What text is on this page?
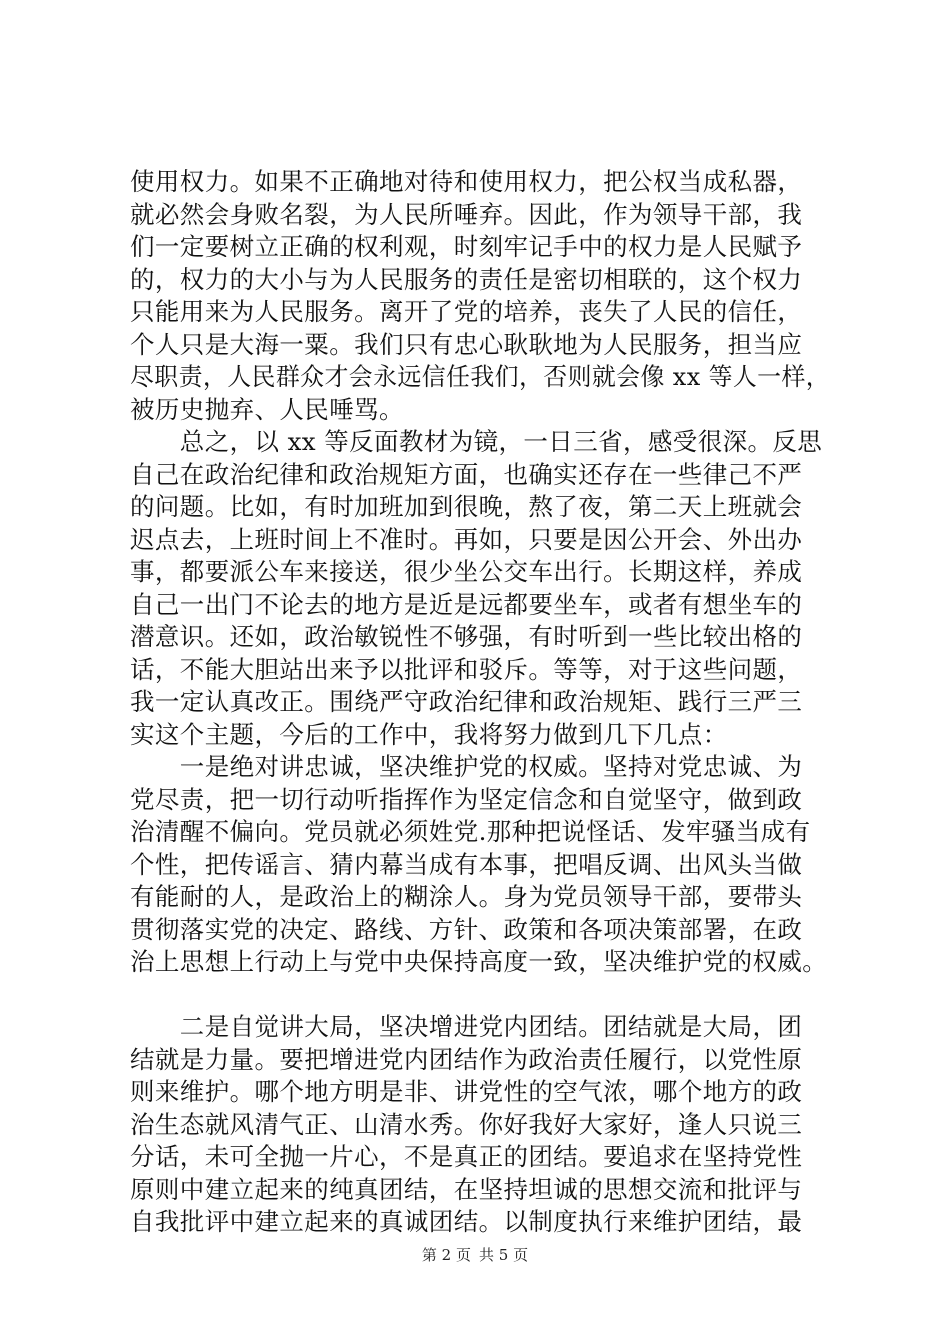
使用权力。如果不正确地对待和使用权力，把公权当成私器，
就必然会身败名裂，为人民所唾弃。因此，作为领导干部，我
们一定要树立正确的权利观，时刻牢记手中的权力是人民赋予
的，权力的大小与为人民服务的责任是密切相联的，这个权力
只能用来为人民服务。离开了党的培养，丧失了人民的信任，
个人只是大海一粟。我们只有忠心耿耿地为人民服务，担当应
尽职责，人民群众才会永远信任我们，否则就会像 xx 等人一样，
被历史抛弃、人民唾骂。
　　总之，以 xx 等反面教材为镜，一日三省，感受很深。反思
自己在政治纪律和政治规矩方面，也确实还存在一些律己不严
的问题。比如，有时加班加到很晚，熬了夜，第二天上班就会
迟点去，上班时间上不准时。再如，只要是因公开会、外出办
事，都要派公车来接送，很少坐公交车出行。长期这样，养成
自己一出门不论去的地方是近是远都要坐车，或者有想坐车的
潜意识。还如，政治敏锐性不够强，有时听到一些比较出格的
话，不能大胆站出来予以批评和驳斥。等等，对于这些问题，
我一定认真改正。围绕严守政治纪律和政治规矩、践行三严三
实这个主题，今后的工作中，我将努力做到几下几点：
　　一是绝对讲忠诚，坚决维护党的权威。坚持对党忠诚、为
党尽责，把一切行动听指挥作为坚定信念和自觉坚守，做到政
治清醒不偏向。党员就必须姓党.那种把说怪话、发牢骚当成有
个性，把传谣言、猜内幕当成有本事，把唱反调、出风头当做
有能耐的人，是政治上的糊涂人。身为党员领导干部，要带头
贯彻落实党的决定、路线、方针、政策和各项决策部署，在政
治上思想上行动上与党中央保持高度一致，坚决维护党的权威。
　　二是自觉讲大局，坚决增进党内团结。团结就是大局，团
结就是力量。要把增进党内团结作为政治责任履行，以党性原
则来维护。哪个地方明是非、讲党性的空气浓，哪个地方的政
治生态就风清气正、山清水秀。你好我好大家好，逢人只说三
分话，未可全抛一片心，不是真正的团结。要追求在坚持党性
原则中建立起来的纯真团结，在坚持坦诚的思想交流和批评与
自我批评中建立起来的真诚团结。以制度执行来维护团结，最
第 2 页 共 5 页
